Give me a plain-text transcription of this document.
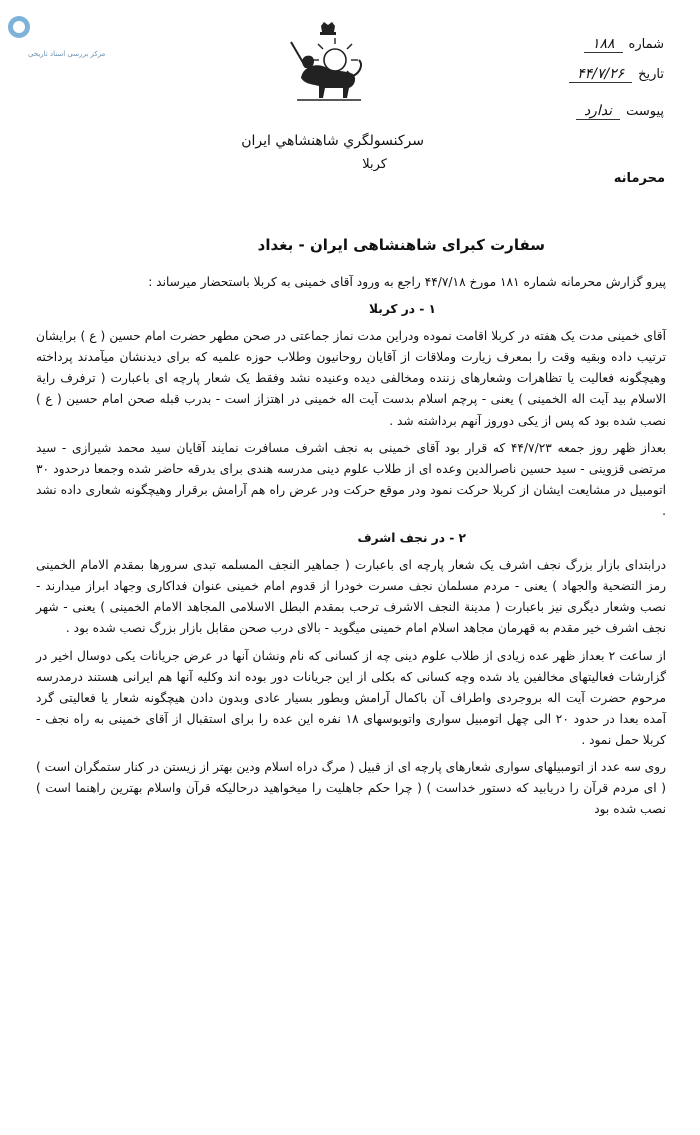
مرکز بررسی اسناد تاریخی
سرکنسولگري شاهنشاهي ایران
کربلا
شماره
۱۸۸
تاریخ
۴۴/۷/۲۶
پیوست
ندارد
محرمانه
سفارت کبرای شاهنشاهی ایران - بغداد

پیرو گزارش محرمانه شماره ۱۸۱ مورخ ۴۴/۷/۱۸ راجع به ورود آقای خمینی به کربلا باستحضار میرساند :

۱ - در کربلا

آقای خمینی مدت یک هفته در کربلا اقامت نموده ودراین مدت نماز جماعتی در صحن مطهر حضرت امام حسین ( ع ) برایشان ترتیب داده وبقیه وقت را بمعرف زیارت وملاقات از آقایان روحانیون وطلاب حوزه علمیه که برای دیدنشان میآمدند پرداخته وهیچگونه فعالیت یا تظاهرات وشعارهای زننده ومخالفی دیده وعنیده نشد وفقط یک شعار پارچه ای باعبارت ( ترفرف رایة الاسلام بید آیت اله الخمینی ) یعنی - پرچم اسلام بدست آیت اله خمینی در اهتزاز است - بدرب قبله صحن امام حسین ( ع ) نصب شده بود که پس از یکی دوروز آنهم برداشته شد .

بعداز ظهر روز جمعه ۴۴/۷/۲۳ که قرار بود آقای خمینی به نجف اشرف مسافرت نمایند آقایان سید محمد شیرازی - سید مرتضی قزوینی - سید حسین ناصرالدین وعده ای از طلاب علوم دینی مدرسه هندی برای بدرقه حاضر شده وجمعا درحدود ۳۰ اتومبیل در مشایعت ایشان از کربلا حرکت نمود ودر موقع حرکت ودر عرض راه هم آرامش برقرار وهیچگونه شعاری داده نشد .

۲ - در نجف اشرف

درابتدای بازار بزرگ نجف اشرف یک شعار پارچه ای باعبارت ( جماهیر النجف المسلمه تبدی سرورها بمقدم الامام الخمینی رمز التضحیة والجهاد ) یعنی - مردم مسلمان نجف مسرت خودرا از قدوم امام خمینی عنوان فداکاری وجهاد ابراز میدارند - نصب وشعار دیگری نیز باعبارت ( مدینة النجف الاشرف ترحب بمقدم البطل الاسلامی المجاهد الامام الخمینی ) یعنی - شهر نجف اشرف خیر مقدم به قهرمان مجاهد اسلام امام خمینی میگوید - بالای درب صحن مقابل بازار بزرگ نصب شده بود .

از ساعت ۲ بعداز ظهر عده زیادی از طلاب علوم دینی چه از کسانی که نام ونشان آنها در عرض جریانات یکی دوسال اخیر در گزارشات فعالیتهای مخالفین یاد شده وچه کسانی که بکلی از این جریانات دور بوده اند وکلیه آنها هم ایرانی هستند درمدرسه مرحوم حضرت آیت اله بروجردی واطراف آن باکمال آرامش وبطور بسیار عادی وبدون دادن هیچگونه شعار یا فعالیتی گرد آمده بعدا در حدود ۲۰ الی چهل اتومبیل سواری واتوبوسهای ۱۸ نفره این عده را برای استقبال از آقای خمینی به راه نجف - کربلا حمل نمود .

روی سه عدد از اتومبیلهای سواری شعارهای پارچه ای از قبیل ( مرگ دراه اسلام ودین بهتر از زیستن در کنار ستمگران است ) ( ای مردم قرآن را دریابید که دستور خداست ) ( چرا حکم جاهلیت را میخواهید درحالیکه قرآن واسلام بهترین راهنما است ) نصب شده بود
